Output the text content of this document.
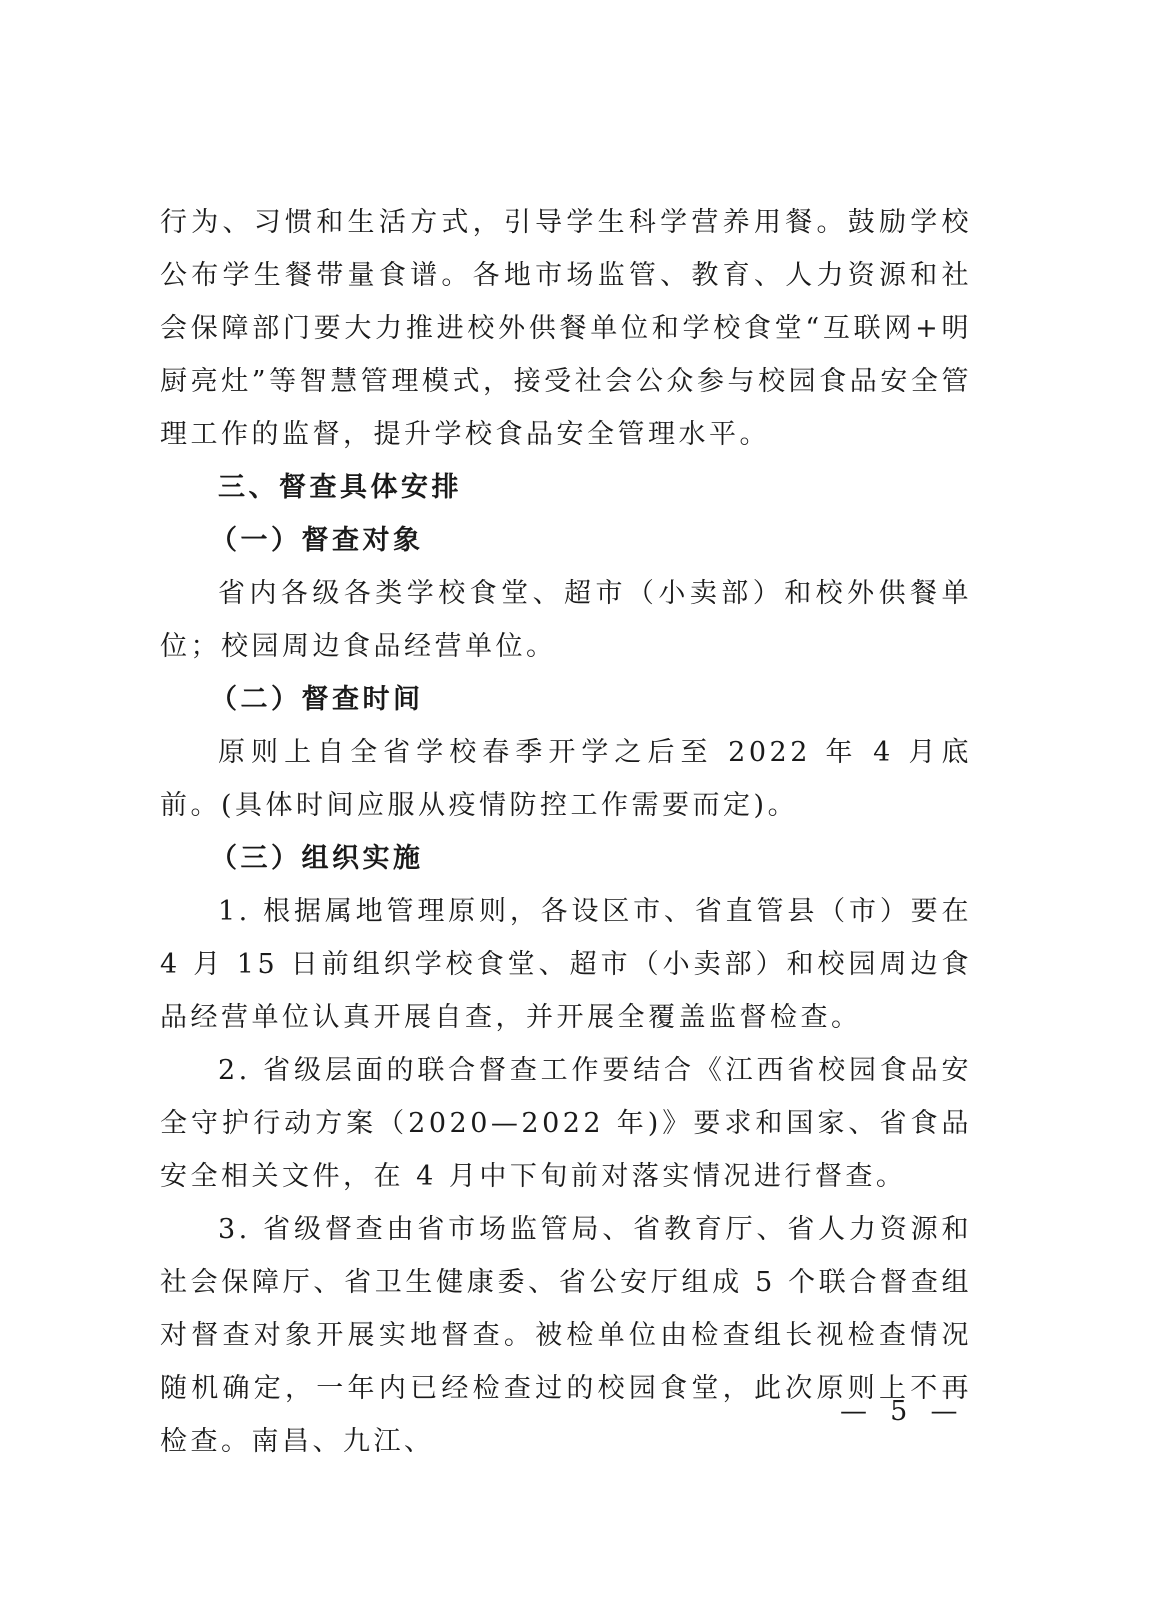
行为、习惯和生活方式，引导学生科学营养用餐。鼓励学校公布学生餐带量食谱。各地市场监管、教育、人力资源和社会保障部门要大力推进校外供餐单位和学校食堂“互联网+明厨亮灶”等智慧管理模式，接受社会公众参与校园食品安全管理工作的监督，提升学校食品安全管理水平。

三、督查具体安排

（一）督查对象

省内各级各类学校食堂、超市（小卖部）和校外供餐单位；校园周边食品经营单位。

（二）督查时间

原则上自全省学校春季开学之后至 2022 年 4 月底前。(具体时间应服从疫情防控工作需要而定)。

（三）组织实施

1. 根据属地管理原则，各设区市、省直管县（市）要在 4 月 15 日前组织学校食堂、超市（小卖部）和校园周边食品经营单位认真开展自查，并开展全覆盖监督检查。

2. 省级层面的联合督查工作要结合《江西省校园食品安全守护行动方案（2020—2022 年)》要求和国家、省食品安全相关文件，在 4 月中下旬前对落实情况进行督查。

3. 省级督查由省市场监管局、省教育厅、省人力资源和社会保障厅、省卫生健康委、省公安厅组成 5 个联合督查组对督查对象开展实地督查。被检单位由检查组长视检查情况随机确定，一年内已经检查过的校园食堂，此次原则上不再检查。南昌、九江、

— 5 —
